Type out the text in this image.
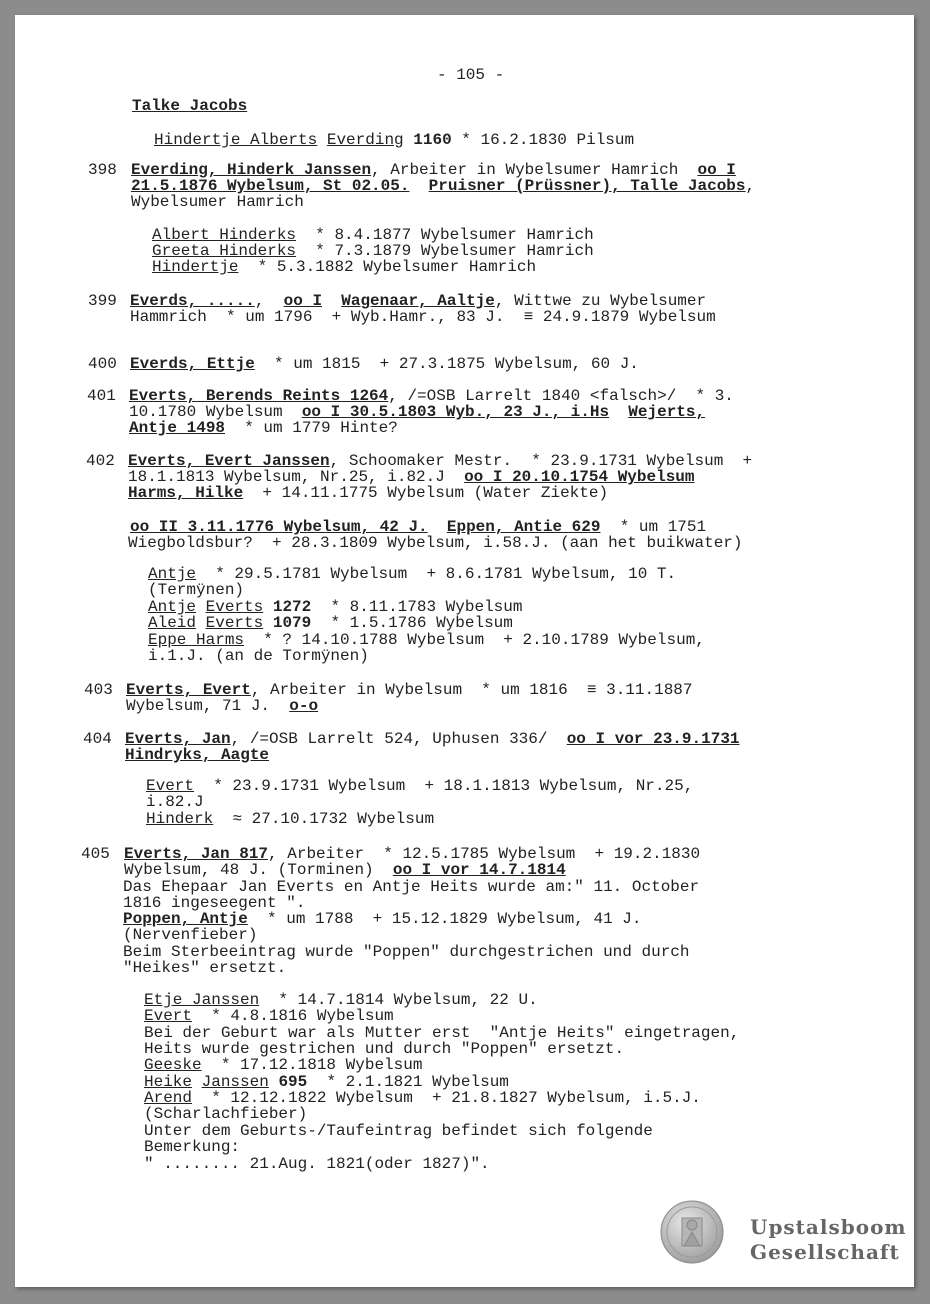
- 105 -
Talke Jacobs
Hindertje Alberts Everding 1160 * 16.2.1830 Pilsum
398 Everding, Hinderk Janssen, Arbeiter in Wybelsumer Hamrich  oo I
21.5.1876 Wybelsum, St 02.05. Pruisner (Prüssner), Talle Jacobs,
Wybelsumer Hamrich
Albert Hinderks  * 8.4.1877 Wybelsumer Hamrich
Greeta Hinderks  * 7.3.1879 Wybelsumer Hamrich
Hindertje  * 5.3.1882 Wybelsumer Hamrich
399 Everds, .....,  oo I Wagenaar, Aaltje, Wittwe zu Wybelsumer
Hammrich  * um 1796  + Wyb.Hamr., 83 J.  ≡ 24.9.1879 Wybelsum
400 Everds, Ettje  * um 1815  + 27.3.1875 Wybelsum, 60 J.
401 Everts, Berends Reints 1264, /=OSB Larrelt 1840 <falsch>/  * 3.
10.1780 Wybelsum  oo I 30.5.1803 Wyb., 23 J., i.Hs Wejerts,
Antje 1498  * um 1779 Hinte?
402 Everts, Evert Janssen, Schoomaker Mestr.  * 23.9.1731 Wybelsum  +
18.1.1813 Wybelsum, Nr.25, i.82.J  oo I 20.10.1754 Wybelsum
Harms, Hilke  + 14.11.1775 Wybelsum (Water Ziekte)
oo II 3.11.1776 Wybelsum, 42 J. Eppen, Antie 629  * um 1751
Wiegboldsbur?  + 28.3.1809 Wybelsum, i.58.J. (aan het buikwater)
Antje  * 29.5.1781 Wybelsum  + 8.6.1781 Wybelsum, 10 T.
(Termÿnen)
Antje Everts 1272  * 8.11.1783 Wybelsum
Aleid Everts 1079  * 1.5.1786 Wybelsum
Eppe Harms  * ? 14.10.1788 Wybelsum  + 2.10.1789 Wybelsum,
i.1.J. (an de Tormÿnen)
403 Everts, Evert, Arbeiter in Wybelsum  * um 1816  ≡ 3.11.1887
Wybelsum, 71 J.  o-o
404 Everts, Jan, /=OSB Larrelt 524, Uphusen 336/  oo I vor 23.9.1731
Hindryks, Aagte
Evert  * 23.9.1731 Wybelsum  + 18.1.1813 Wybelsum, Nr.25,
i.82.J
Hinderk  ≈ 27.10.1732 Wybelsum
405 Everts, Jan 817, Arbeiter  * 12.5.1785 Wybelsum  + 19.2.1830
Wybelsum, 48 J. (Torminen)  oo I vor 14.7.1814
Das Ehepaar Jan Everts en Antje Heits wurde am:" 11. October
1816 ingeseegent ".
Poppen, Antje  * um 1788  + 15.12.1829 Wybelsum, 41 J.
(Nervenfieber)
Beim Sterbeeintrag wurde "Poppen" durchgestrichen und durch
"Heikes" ersetzt.
Etje Janssen  * 14.7.1814 Wybelsum, 22 U.
Evert  * 4.8.1816 Wybelsum
Bei der Geburt war als Mutter erst  "Antje Heits" eingetragen,
Heits wurde gestrichen und durch "Poppen" ersetzt.
Geeske  * 17.12.1818 Wybelsum
Heike Janssen 695  * 2.1.1821 Wybelsum
Arend  * 12.12.1822 Wybelsum  + 21.8.1827 Wybelsum, i.5.J.
(Scharlachfieber)
Unter dem Geburts-/Taufeintrag befindet sich folgende
Bemerkung:
" ........ 21.Aug. 1821(oder 1827)".
Upstalsboom
Gesellschaft
